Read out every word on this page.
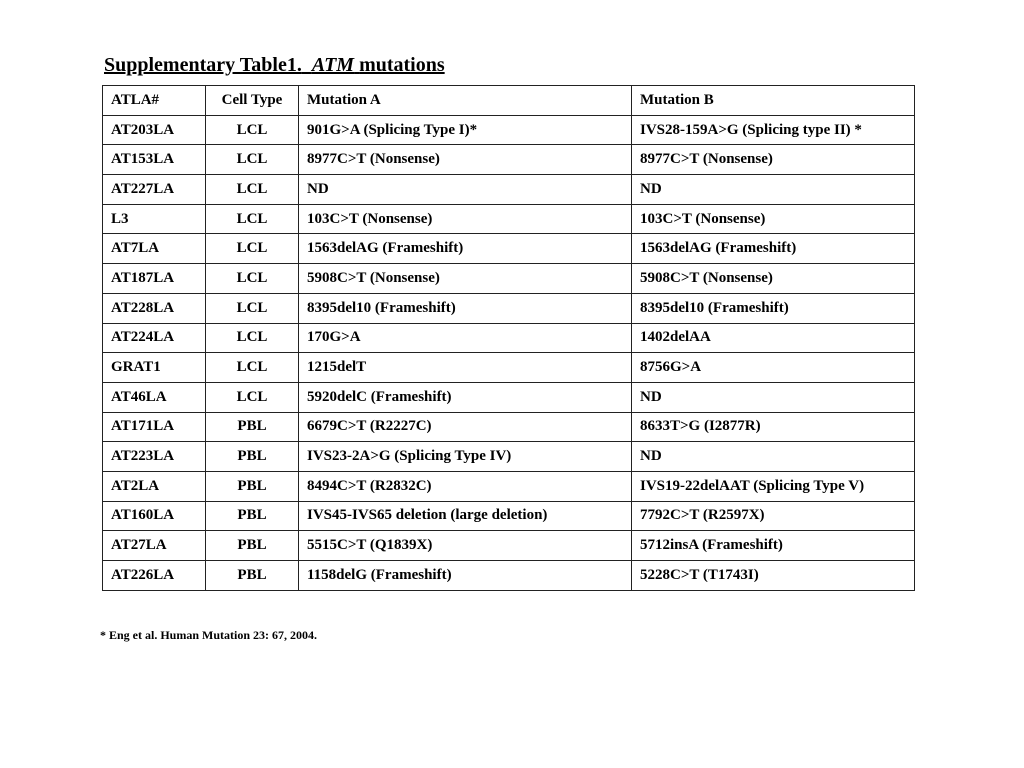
Supplementary Table1. ATM mutations
ATLA#	Cell Type	Mutation A	Mutation B
AT203LA	LCL	901G>A (Splicing Type I)*	IVS28-159A>G (Splicing type II) *
AT153LA	LCL	8977C>T (Nonsense)	8977C>T (Nonsense)
AT227LA	LCL	ND	ND
L3	LCL	103C>T (Nonsense)	103C>T (Nonsense)
AT7LA	LCL	1563delAG (Frameshift)	1563delAG (Frameshift)
AT187LA	LCL	5908C>T (Nonsense)	5908C>T (Nonsense)
AT228LA	LCL	8395del10 (Frameshift)	8395del10 (Frameshift)
AT224LA	LCL	170G>A	1402delAA
GRAT1	LCL	1215delT	8756G>A
AT46LA	LCL	5920delC (Frameshift)	ND
AT171LA	PBL	6679C>T (R2227C)	8633T>G (I2877R)
AT223LA	PBL	IVS23-2A>G (Splicing Type IV)	ND
AT2LA	PBL	8494C>T (R2832C)	IVS19-22delAAT (Splicing Type V)
AT160LA	PBL	IVS45-IVS65 deletion (large deletion)	7792C>T (R2597X)
AT27LA	PBL	5515C>T (Q1839X)	5712insA (Frameshift)
AT226LA	PBL	1158delG (Frameshift)	5228C>T (T1743I)
* Eng et al. Human Mutation 23: 67, 2004.
